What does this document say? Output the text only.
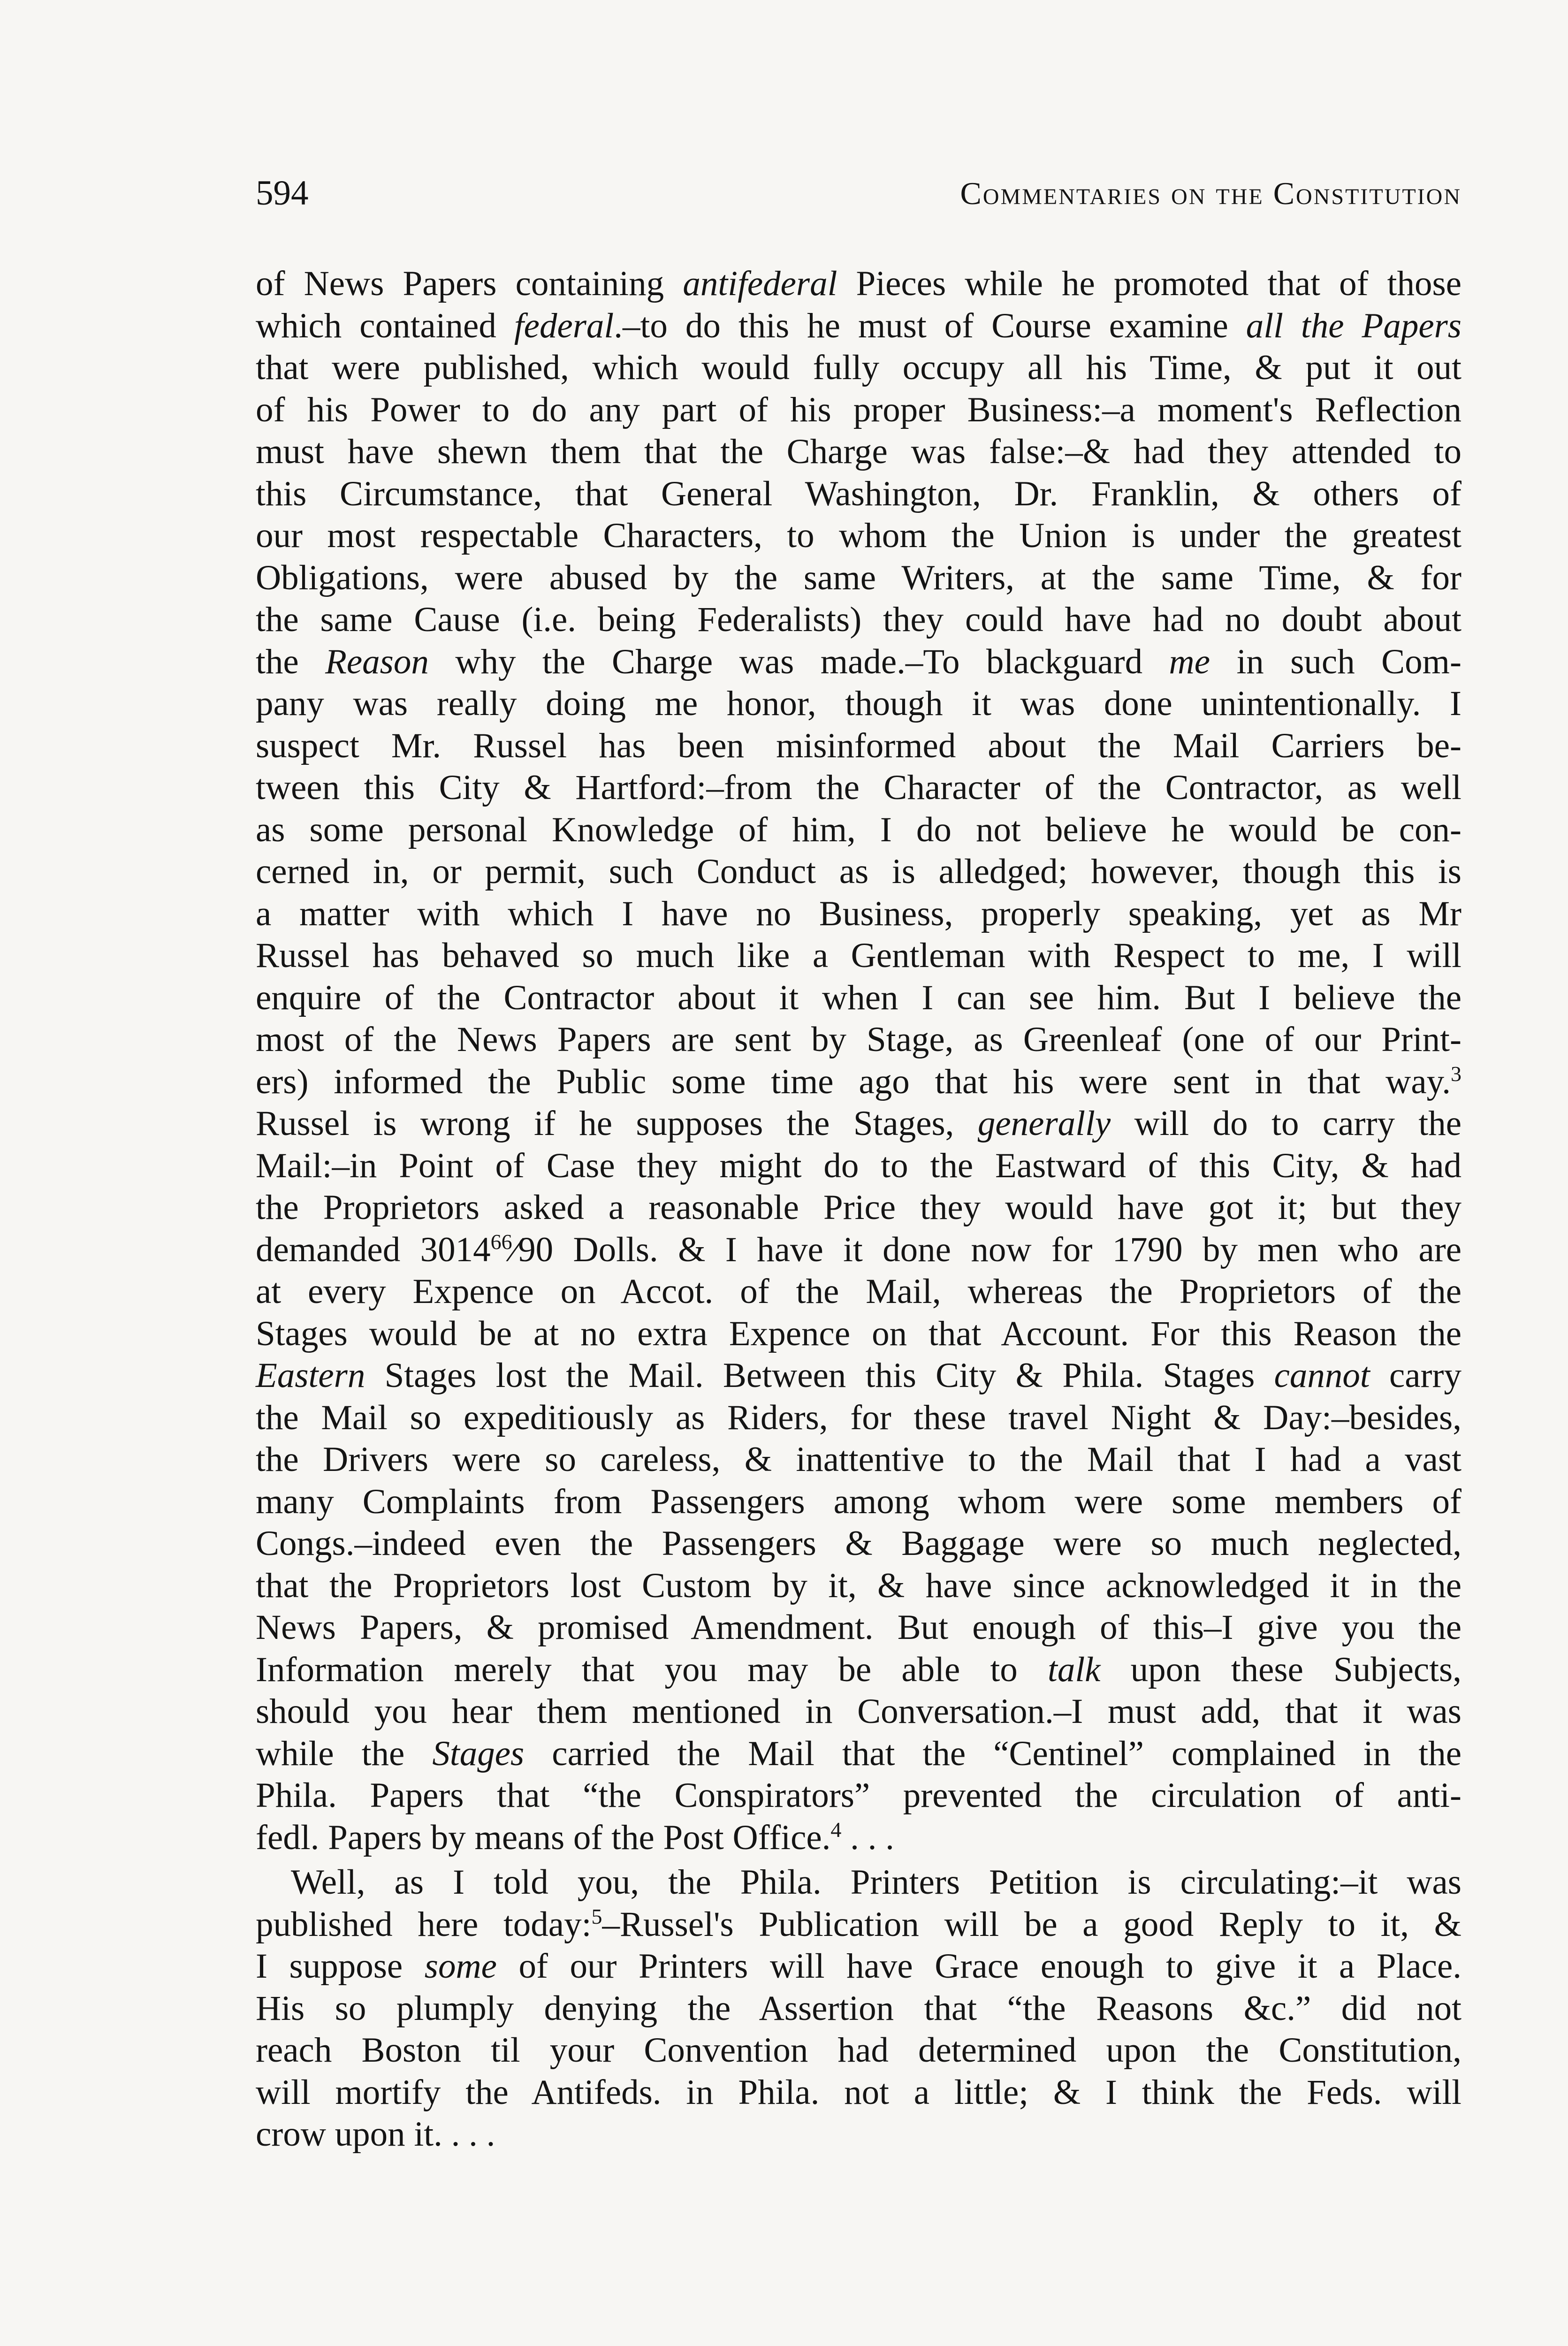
594	Commentaries on the Constitution
of News Papers containing antifederal Pieces while he promoted that of those
which contained federal.–to do this he must of Course examine all the Papers
that were published, which would fully occupy all his Time, & put it out
of his Power to do any part of his proper Business:–a moment's Reflection
must have shewn them that the Charge was false:–& had they attended to
this Circumstance, that General Washington, Dr. Franklin, & others of
our most respectable Characters, to whom the Union is under the greatest
Obligations, were abused by the same Writers, at the same Time, & for
the same Cause (i.e. being Federalists) they could have had no doubt about
the Reason why the Charge was made.–To blackguard me in such Com-
pany was really doing me honor, though it was done unintentionally. I
suspect Mr. Russel has been misinformed about the Mail Carriers be-
tween this City & Hartford:–from the Character of the Contractor, as well
as some personal Knowledge of him, I do not believe he would be con-
cerned in, or permit, such Conduct as is alledged; however, though this is
a matter with which I have no Business, properly speaking, yet as Mr
Russel has behaved so much like a Gentleman with Respect to me, I will
enquire of the Contractor about it when I can see him. But I believe the
most of the News Papers are sent by Stage, as Greenleaf (one of our Print-
ers) informed the Public some time ago that his were sent in that way.$^3$
Russel is wrong if he supposes the Stages, generally will do to carry the
Mail:–in Point of Case they might do to the Eastward of this City, & had
the Proprietors asked a reasonable Price they would have got it; but they
demanded 3014$^{66}$⁄90 Dolls. & I have it done now for 1790 by men who are
at every Expence on Accot. of the Mail, whereas the Proprietors of the
Stages would be at no extra Expence on that Account. For this Reason the
Eastern Stages lost the Mail. Between this City & Phila. Stages cannot carry
the Mail so expeditiously as Riders, for these travel Night & Day:–besides,
the Drivers were so careless, & inattentive to the Mail that I had a vast
many Complaints from Passengers among whom were some members of
Congs.–indeed even the Passengers & Baggage were so much neglected,
that the Proprietors lost Custom by it, & have since acknowledged it in the
News Papers, & promised Amendment. But enough of this–I give you the
Information merely that you may be able to talk upon these Subjects,
should you hear them mentioned in Conversation.–I must add, that it was
while the Stages carried the Mail that the “Centinel” complained in the
Phila. Papers that “the Conspirators” prevented the circulation of anti-
fedl. Papers by means of the Post Office.$^4$ . . .
Well, as I told you, the Phila. Printers Petition is circulating:–it was
published here today:$^5$–Russel's Publication will be a good Reply to it, &
I suppose some of our Printers will have Grace enough to give it a Place.
His so plumply denying the Assertion that “the Reasons &c.” did not
reach Boston til your Convention had determined upon the Constitution,
will mortify the Antifeds. in Phila. not a little; & I think the Feds. will
crow upon it. . . .
